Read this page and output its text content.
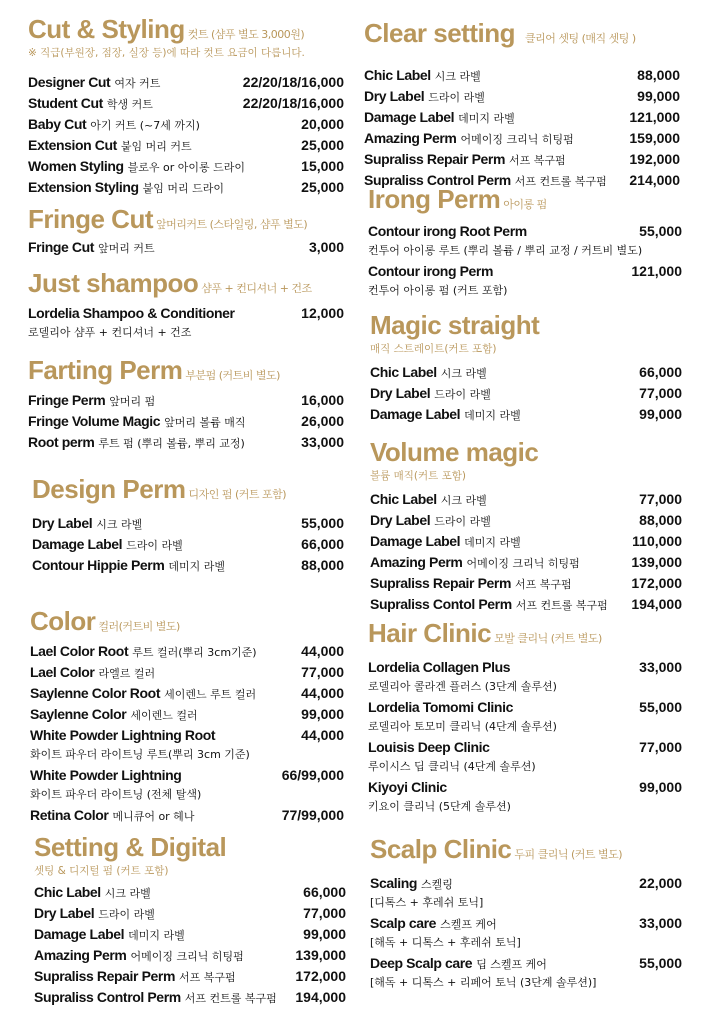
Cut & Styling 컷트 (샴푸 별도 3,000원)
※ 직급(부원장, 점장, 실장 등)에 따라 컷트 요금이 다릅니다.
Designer Cut 여자 커트	22/20/18/16,000
Student Cut 학생 커트	22/20/18/16,000
Baby Cut 아기 커트 (~7세 까지)	20,000
Extension Cut 붙임 머리 커트	25,000
Women Styling 블로우 or 아이롱 드라이	15,000
Extension Styling 붙임 머리 드라이	25,000
Fringe Cut 앞머리커트 (스타일링, 샴푸 별도)
Fringe Cut 앞머리 커트	3,000
Just shampoo 샴푸 + 컨디셔너 + 건조
Lordelia Shampoo & Conditioner	12,000
로델리아 샴푸 + 컨디셔너 + 건조
Farting Perm 부분펌 (커트비 별도)
Fringe Perm 앞머리 펌	16,000
Fringe Volume Magic 앞머리 볼륨 매직	26,000
Root perm 루트 펌 (뿌리 볼륨, 뿌리 교정)	33,000
Design Perm 디자인 펌 (커트 포함)
Dry Label 시크 라벨	55,000
Damage Label 드라이 라벨	66,000
Contour Hippie Perm 데미지 라벨	88,000
Color 컬러(커트비 별도)
Lael Color Root 루트 컬러(뿌리 3cm기준)	44,000
Lael Color 라엘르 컬러	77,000
Saylenne Color Root 세이렌느 루트 컬러	44,000
Saylenne Color 세이렌느 컬러	99,000
White Powder Lightning Root	44,000
화이트 파우더 라이트닝 루트(뿌리 3cm 기준)
White Powder Lightning	66/99,000
화이트 파우더 라이트닝 (전체 탈색)
Retina Color 메니큐어 or 헤나	77/99,000
Setting & Digital
셋팅 & 디지털 펌 (커트 포함)
Chic Label 시크 라벨	66,000
Dry Label 드라이 라벨	77,000
Damage Label 데미지 라벨	99,000
Amazing Perm 어메이징 크리닉 히팅펌	139,000
Supraliss Repair Perm 서프 복구펌	172,000
Supraliss Control Perm 서프 컨트롤 복구펌 194,000
Clear setting 클리어 셋팅 (매직 셋팅 )
Chic Label 시크 라벨	88,000
Dry Label 드라이 라벨	99,000
Damage Label 데미지 라벨	121,000
Amazing Perm 어메이징 크리닉 히팅펌	159,000
Supraliss Repair Perm 서프 복구펌	192,000
Supraliss Control Perm 서프 컨트롤 복구펌 214,000
Irong Perm 아이롱 펌
Contour irong Root Perm	55,000
컨투어 아이롱 루트 (뿌리 볼륨 / 뿌리 교정 / 커트비 별도)
Contour irong Perm	121,000
컨투어 아이롱 펌 (커트 포함)
Magic straight
매직 스트레이트(커트 포함)
Chic Label 시크 라벨	66,000
Dry Label 드라이 라벨	77,000
Damage Label 데미지 라벨	99,000
Volume magic
볼륨 매직(커트 포함)
Chic Label 시크 라벨	77,000
Dry Label 드라이 라벨	88,000
Damage Label 데미지 라벨	110,000
Amazing Perm 어메이징 크리닉 히팅펌	139,000
Supraliss Repair Perm 서프 복구펌	172,000
Supraliss Contol Perm 서프 컨트롤 복구펌 194,000
Hair Clinic 모발 클리닉 (커트 별도)
Lordelia Collagen Plus	33,000
로델리아 콜라겐 플러스 (3단계 솔루션)
Lordelia Tomomi Clinic	55,000
로델리아 토모미 클리닉 (4단계 솔루션)
Louisis Deep Clinic	77,000
루이시스 딥 클리닉 (4단계 솔루션)
Kiyoyi Clinic	99,000
키요이 클리닉 (5단계 솔루션)
Scalp Clinic 두피 클리닉 (커트 별도)
Scaling 스켈링	22,000
[디톡스 + 후레쉬 토닉]
Scalp care 스켈프 케어	33,000
[해독 + 디톡스 + 후레쉬 토닉]
Deep Scalp care 딥 스켈프 케어	55,000
[해독 + 디톡스 + 리페어 토닉 (3단계 솔루션)]
